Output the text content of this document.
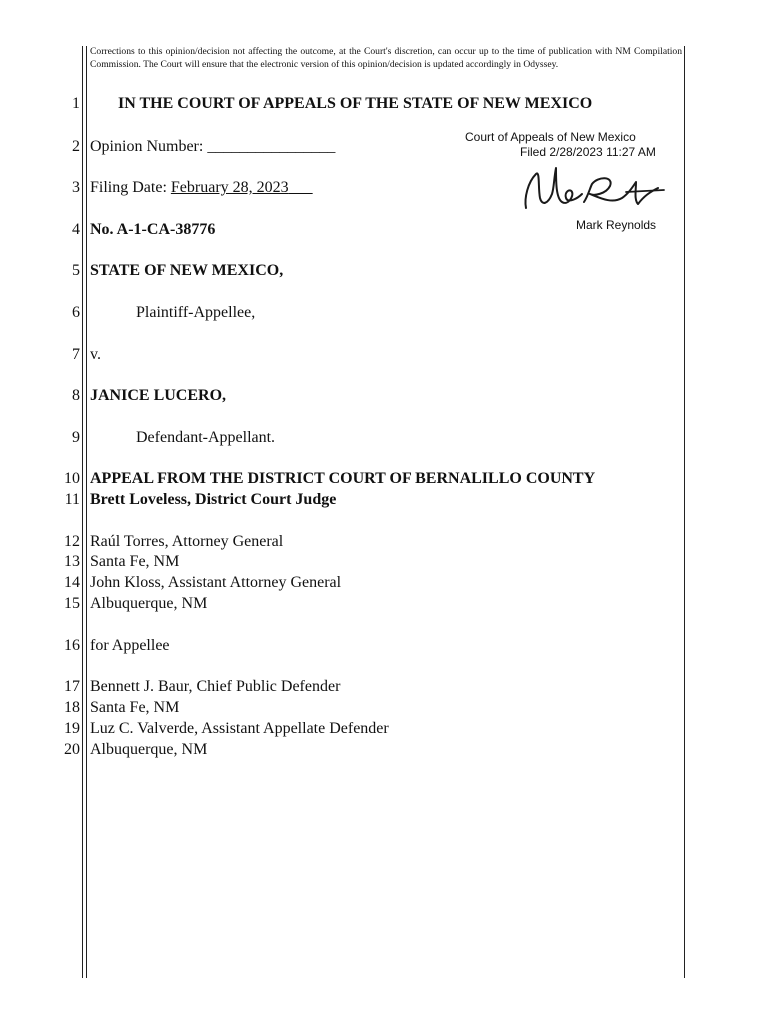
Corrections to this opinion/decision not affecting the outcome, at the Court's discretion, can occur up to the time of publication with NM Compilation Commission. The Court will ensure that the electronic version of this opinion/decision is updated accordingly in Odyssey.
1
2
3
4
5
6
7
8
9
10
11
12
13
14
15
16
17
18
19
20
IN THE COURT OF APPEALS OF THE STATE OF NEW MEXICO
Opinion Number: ________________
Filing Date: February 28, 2023
No. A-1-CA-38776
STATE OF NEW MEXICO,
Plaintiff-Appellee,
v.
JANICE LUCERO,
Defendant-Appellant.
APPEAL FROM THE DISTRICT COURT OF BERNALILLO COUNTY
Brett Loveless, District Court Judge
Raúl Torres, Attorney General
Santa Fe, NM
John Kloss, Assistant Attorney General
Albuquerque, NM
for Appellee
Bennett J. Baur, Chief Public Defender
Santa Fe, NM
Luz C. Valverde, Assistant Appellate Defender
Albuquerque, NM
Court of Appeals of New Mexico
Filed 2/28/2023 11:27 AM
Mark Reynolds
